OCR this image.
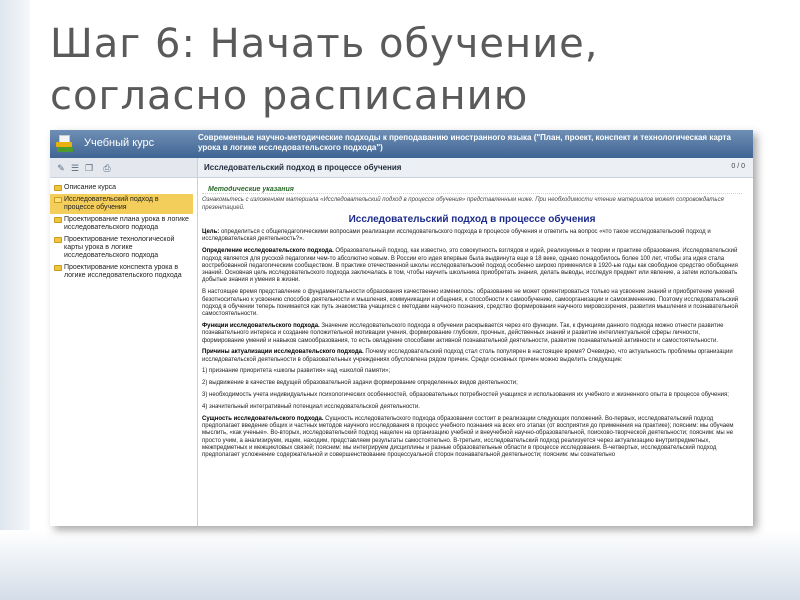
Шаг 6: Начать обучение, согласно расписанию
Учебный курс	Современные научно-методические подходы к преподаванию иностранного языка ("План, проект, конспект и технологическая карта урока в логике исследовательского подхода")
✎ ☰ ❐ ⎙
Описание курса
Исследовательский подход в процессе обучения
Проектирование плана урока в логике исследовательского подхода
Проектирование технологической карты урока в логике исследовательского подхода
Проектирование конспекта урока в логике исследовательского подхода
Исследовательский подход в процессе обучения	0 / 0
Методические указания
Ознакомьтесь с изложением материала «Исследовательский подход в процессе обучения» представленным ниже. При необходимости чтение материалов может сопровождаться презентацией.
Исследовательский подход в процессе обучения
Цель: определиться с общепедагогическими вопросами реализации исследовательского подхода в процессе обучения и ответить на вопрос «что такое исследовательский подход и исследовательская деятельность?».
Определение исследовательского подхода. Образовательный подход, как известно, это совокупность взглядов и идей, реализуемых в теории и практике образования. Исследовательский подход является для русской педагогики чем-то абсолютно новым. В России его идея впервые была выдвинута еще в 18 веке, однако понадобилось более 100 лет, чтобы эта идея стала востребованной педагогическим сообществом. В практике отечественной школы исследовательский подход особенно широко применялся в 1920-ые годы как свободное средство обобщения знаний. Основная цель исследовательского подхода заключалась в том, чтобы научить школьника приобретать знания, делать выводы, исследуя предмет или явление, а затем использовать добытые знания и умения в жизни.
В настоящее время представление о фундаментальности образования качественно изменилось: образование не может ориентироваться только на усвоение знаний и приобретение умений безотносительно к усвоению способов деятельности и мышления, коммуникации и общения, к способности к самообучению, самоорганизации и самоизменению. Поэтому исследовательский подход в обучении теперь понимается как путь знакомства учащихся с методами научного познания, средство формирования научного мировоззрения, развития мышления и познавательной самостоятельности.
Функции исследовательского подхода. Значение исследовательского подхода в обучении раскрывается через его функции. Так, к функциям данного подхода можно отнести развитие познавательного интереса и создание положительной мотивации учения, формирование глубоких, прочных, действенных знаний и развитие интеллектуальной сферы личности, формирование умений и навыков самообразования, то есть овладение способами активной познавательной деятельности, развитие познавательной активности и самостоятельности.
Причины актуализации исследовательского подхода. Почему исследовательский подход стал столь популярен в настоящее время? Очевидно, что актуальность проблемы организации исследовательской деятельности в образовательных учреждениях обусловлена рядом причин. Среди основных причин можно выделить следующие:
1) признание приоритета «школы развития» над «школой памяти»;
2) выдвижение в качестве ведущей образовательной задачи формирование определенных видов деятельности;
3) необходимость учета индивидуальных психологических особенностей, образовательных потребностей учащихся и использования их учебного и жизненного опыта в процессе обучения;
4) значительный интегративный потенциал исследовательской деятельности.
Сущность исследовательского подхода. Сущность исследовательского подхода образовании состоит в реализации следующих положений. Во-первых, исследовательский подход предполагает введение общих и частных методов научного исследования в процесс учебного познания на всех его этапах (от восприятия до применения на практике); поясним: мы обучаем мыслить, «как ученые». Во-вторых, исследовательский подход нацелен на организацию учебной и внеучебной научно-образовательной, поисково-творческой деятельности; поясним: мы не просто учим, а анализируем, ищем, находим, представляем результаты самостоятельно. В-третьих, исследовательский подход реализуется через актуализацию внутрипредметных, межпредметных и межцикловых связей; поясним: мы интегрируем дисциплины и разные образовательные области в процессе исследования. В-четвертых, исследовательский подход предполагает усложнение содержательной и совершенствование процессуальной сторон познавательной деятельности; поясним: мы сознательно
